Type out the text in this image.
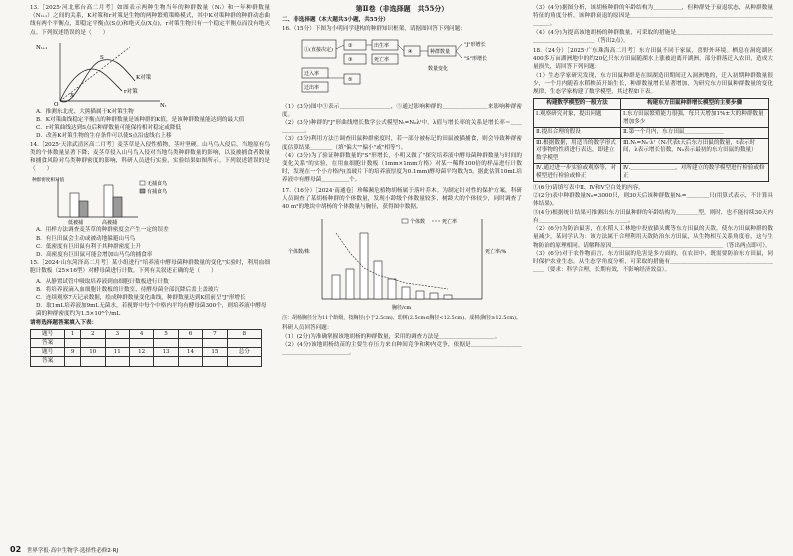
13.［2025·河北邢台高二月考］如图表示两种生物当年的种群数量（Nₜ）和一年种群数量（Nₜ₊₁）之间的关系，K对策和r对策是生物的两种繁殖策略模式，其中K对策种群的种群动态曲线有两个平衡点，即稳定平衡点(S点)和绝灭点(X点)，r对策生物只有一个稳定平衡点而没有绝灭点。下列叙述错误的是（　　）

Nₜ₊₁
Nₜ
K对策
r对策
S
X
O

A．推测东北虎、大熊猫属于K对策生物

B．K对策曲线稳定平衡点的种群数量是该种群的K值，是该种群数量能达到的最大值

C．r对策曲线达到S点后种群数量可能保持相对稳定或降低

D．改善K对策生物的生存条件可以使S点沿虚线右上移

14.［2025·天津武清区高二月考］麦茎草是入侵性植物，茎叶坚硬。山马鸟入侵后，当地原有鸟类的个体数量显著下降；麦茎草侵入山马鸟入侵对当地鸟类种群数量的影响，以及被捕食者数量和捕食风险对鸟类种群密度的影响，科研人员进行实验，实验结果如图所示。下列叙述错误的是（　　）

种群密度相对值
低被捕	高被捕
无捕食鸟
有捕食鸟

A．用样方法调查麦茎草的种群密度会产生一定的误差

B．有巨田鼠会主动或被动地躲避山马鸟

C．低密度有巨田鼠有利于其种群密度上升

D．高密度有巨田鼠可能会增加山马鸟的捕食率

15.［2024·山东菏泽高二月考］某小组进行"培养液中酵母菌种群数量的变化"实验时，利用血细胞计数板（25×16型）对酵母菌进行计数。下列有关叙述正确的是（　　）

A．从静置试管中吸取培养液到血细胞计数板进行计数

B．将培养液滴入血细胞计数板的计数室，待酵母菌全部沉降后盖上盖玻片

C．连续观察7天记录数据，绘成种群数量变化曲线，种群数量达到K值前呈"J"形增长

D．取1mL培养液加9mL无菌水，若视野中每个中格内平均有酵母菌300个，则培养液中酵母菌的种群密度约为1.5×10⁸个/mL

请将选择题答案填入下表：

题号	1	2	3	4	5	6	7	8
答案								
题号	9	10	11	12	13	14	15	总分
答案								
第Ⅱ卷（非选择题　共55分）

二、非选择题（本大题共3小题，共55分）

16.（15分）下图为小明同学建构的种群知识框架，请据图回答下列问题：

①(直接决定)
②
③
出生率
死亡率
④
迁入率
迁出率
⑤
种群数量
"J"形增长
"S"形增长
数量变化

（1）(3分)图中①表示＿＿＿＿＿＿＿＿＿，⑤通过影响种群的＿＿＿＿＿＿＿＿来影响种群密度。
（2）(3分)种群的"J"形曲线增长数学公式模型Nₜ=N₀λᵗ中，λ值与增长率的关系是增长率＝＿＿＿＿＿＿。
（3）(3分)利用方法⑦调查田鼠种群密度时，若一部分被标记的田鼠被猫捕食，则会导致种群密度估算结果＿＿＿＿（填"偏大""偏小"或"相等"）。
（4）(3分)为了验证种群数量的"S"形增长，小明又做了"探究培养液中酵母菌种群数量与时间的变化关系"的实验，在用血细胞计数板（1mm×1mm方格）对某一稀释100倍的样品进行计数时，发现在一个小方格内(盖玻片下的培养液厚度为0.1mm)酵母菌平均数为5，据此估算10mL培养液中有酵母菌＿＿＿＿＿个。

17.（16分）［2024·南通卷］珍稀濒危植物胡杨属于落叶乔木。为制定针对性的保护方案，科研人员调查了某胡杨种群的个体数量，发现小龄级个体数量较多，树龄大的个体较少，同时调查了40 m²的地块中胡杨的个体数量与胸径，获得图中数据。

个体数	死亡率
个体数/株	死亡率/%
胸径/cm

注：胡杨胸径分为11个龄级，按胸径(小于2.5cm)、幼树(2.5cm≤胸径<12.5cm)、成树(胸径≥12.5cm)。

科研人员回答问题：
（1）(2分)为准确掌握该地胡杨的种群数量，采用的调查方法是＿＿＿＿＿＿＿＿＿＿。
（2）(4分)该地胡杨幼苗的主要生存压力来自种间竞争和种内竞争，依据是＿＿＿＿＿＿＿＿＿＿＿＿＿＿＿＿＿＿＿＿＿。

（3）(4分)据图分析，该胡杨种群的年龄结构为＿＿＿＿＿，但种群处于衰退状态，从种群数量特征的角度分析，该种群衰退的原因是＿＿＿＿＿＿＿＿＿＿＿＿＿＿＿＿＿＿＿＿＿＿＿＿＿＿＿＿。
（4）(4分)为提高该地胡杨的种群数量，可采取的措施是＿＿＿＿＿＿＿＿＿＿＿＿＿＿＿＿＿＿＿＿＿＿＿＿＿＿＿＿（答出2点）。

18.（24分）［2025·广东珠海高二月考］东方田鼠不同于家鼠，喜野外环境。栖息在洞庭湖区400多万亩湖洲地中的约20亿只东方田鼠随湖水上涨被迫离开湖洲，部分群落迁入农田，造成大量损失，请回答下列问题：
（1）生态学家研究发现，东方田鼠种群是在围湖造田期间迁入洞洲地的，迁入初期种群数量很少，一个月内随着水稻秧苗开始生长，种群数量增长显著增加，为研究东方田鼠种群数量的变化规律，生态学家构建了数学模型，其过程如下表。

构建数学模型的一般方法	构建东方田鼠种群增长模型的主要步骤
Ⅰ.观察研究对象，提出问题	Ⅰ.东方田鼠繁殖能力很强，每只天增加1%±大的种群数量增加多少
Ⅱ.提出合理的假设	Ⅱ.第一个月内，东方田鼠＿＿＿＿＿＿＿
Ⅲ.根据数据，用适当的数学形式对事物的性质进行表达，即建立数学模型	Ⅲ.Nₜ=N₀·λᵗ（Nₜ代表t天后东方田鼠的数量，t表示时间，λ表示增长倍数，N₀表示最初的东方田鼠的数量）
Ⅳ.通过进一步实验或观察等，对模型进行检验或修正	Ⅳ.＿＿＿＿＿＿＿＿，对所建立的数学模型进行检验或修正

①(6分)请填写表中Ⅱ、Ⅳ和Ⅴ空白处的内容。
②(2分)表中种群数量N₀=3000只，则30天后该种群数量Nₜ=＿＿＿＿只(用算式表示，不计算具体结果)。
③(4分)根据统计结果可推测出东方田鼠种群的年龄结构为＿＿＿＿型，则时，也不能持续30天内有＿＿＿＿＿＿＿＿＿＿＿＿＿＿＿＿。
（2）(6分)为防治鼠害，在水稻人工林地中投放猫头鹰等东方田鼠的天敌，使东方田鼠种群的数量减少，某同学认为：该方法属于合理利用天敌防治东方田鼠，从生物相互关系角度看，这与生物防治的原理相同。请解释原因＿＿＿＿＿＿＿＿＿＿＿＿＿＿＿＿＿＿＿＿（答出两点即可）。
（3）(6分)对于农作物而言，东方田鼠的危害是多方面的，在农田中，既需要防治东方田鼠，同时保护农业生态，从生态学角度分析，可采取的措施有＿＿＿＿＿＿＿＿＿＿＿＿＿＿＿＿＿＿＿＿（要求：科学合理，长期有效，不影响经济效益）。

02 世界学报·高中生物学·选择性必修2·RJ
